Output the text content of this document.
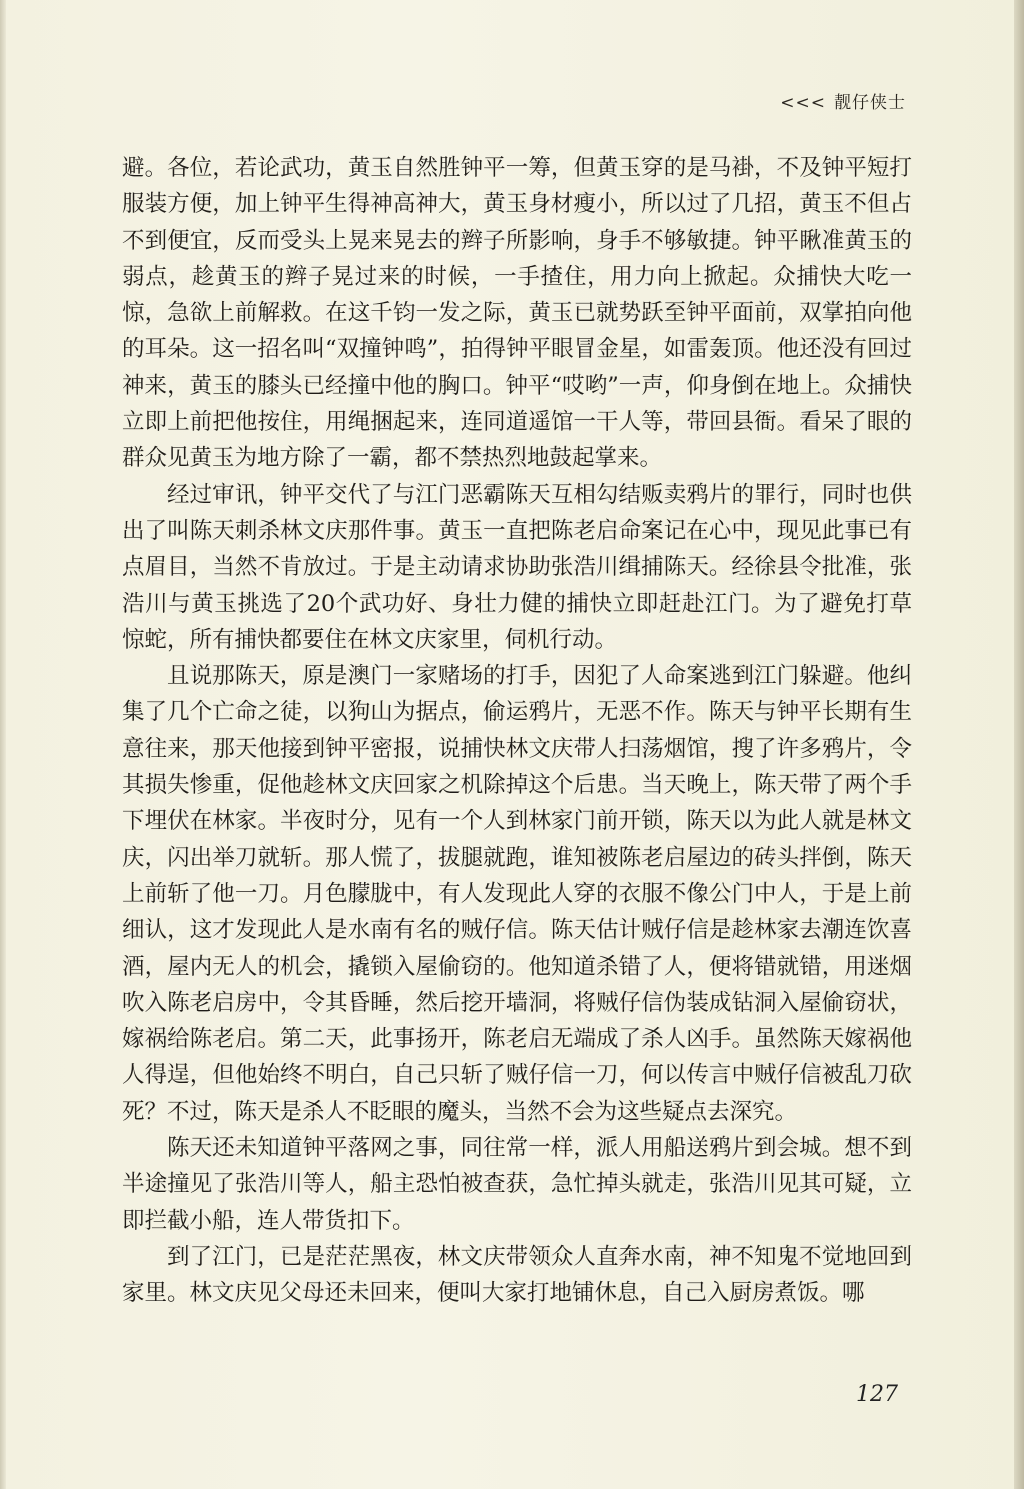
<<< 靓仔侠士

避。各位，若论武功，黄玉自然胜钟平一筹，但黄玉穿的是马褂，不及钟平短打服装方便，加上钟平生得神高神大，黄玉身材瘦小，所以过了几招，黄玉不但占不到便宜，反而受头上晃来晃去的辫子所影响，身手不够敏捷。钟平瞅准黄玉的弱点，趁黄玉的辫子晃过来的时候，一手揸住，用力向上掀起。众捕快大吃一惊，急欲上前解救。在这千钧一发之际，黄玉已就势跃至钟平面前，双掌拍向他的耳朵。这一招名叫“双撞钟鸣”，拍得钟平眼冒金星，如雷轰顶。他还没有回过神来，黄玉的膝头已经撞中他的胸口。钟平“哎哟”一声，仰身倒在地上。众捕快立即上前把他按住，用绳捆起来，连同道遥馆一干人等，带回县衙。看呆了眼的群众见黄玉为地方除了一霸，都不禁热烈地鼓起掌来。

经过审讯，钟平交代了与江门恶霸陈天互相勾结贩卖鸦片的罪行，同时也供出了叫陈天刺杀林文庆那件事。黄玉一直把陈老启命案记在心中，现见此事已有点眉目，当然不肯放过。于是主动请求协助张浩川缉捕陈天。经徐县令批准，张浩川与黄玉挑选了20个武功好、身壮力健的捕快立即赶赴江门。为了避免打草惊蛇，所有捕快都要住在林文庆家里，伺机行动。

且说那陈天，原是澳门一家赌场的打手，因犯了人命案逃到江门躲避。他纠集了几个亡命之徒，以狗山为据点，偷运鸦片，无恶不作。陈天与钟平长期有生意往来，那天他接到钟平密报，说捕快林文庆带人扫荡烟馆，搜了许多鸦片，令其损失惨重，促他趁林文庆回家之机除掉这个后患。当天晚上，陈天带了两个手下埋伏在林家。半夜时分，见有一个人到林家门前开锁，陈天以为此人就是林文庆，闪出举刀就斩。那人慌了，拔腿就跑，谁知被陈老启屋边的砖头拌倒，陈天上前斩了他一刀。月色朦胧中，有人发现此人穿的衣服不像公门中人，于是上前细认，这才发现此人是水南有名的贼仔信。陈天估计贼仔信是趁林家去潮连饮喜酒，屋内无人的机会，撬锁入屋偷窃的。他知道杀错了人，便将错就错，用迷烟吹入陈老启房中，令其昏睡，然后挖开墙洞，将贼仔信伪装成钻洞入屋偷窃状，嫁祸给陈老启。第二天，此事扬开，陈老启无端成了杀人凶手。虽然陈天嫁祸他人得逞，但他始终不明白，自己只斩了贼仔信一刀，何以传言中贼仔信被乱刀砍死？不过，陈天是杀人不眨眼的魔头，当然不会为这些疑点去深究。

陈天还未知道钟平落网之事，同往常一样，派人用船送鸦片到会城。想不到半途撞见了张浩川等人，船主恐怕被查获，急忙掉头就走，张浩川见其可疑，立即拦截小船，连人带货扣下。

到了江门，已是茫茫黑夜，林文庆带领众人直奔水南，神不知鬼不觉地回到家里。林文庆见父母还未回来，便叫大家打地铺休息，自己入厨房煮饭。哪

127
